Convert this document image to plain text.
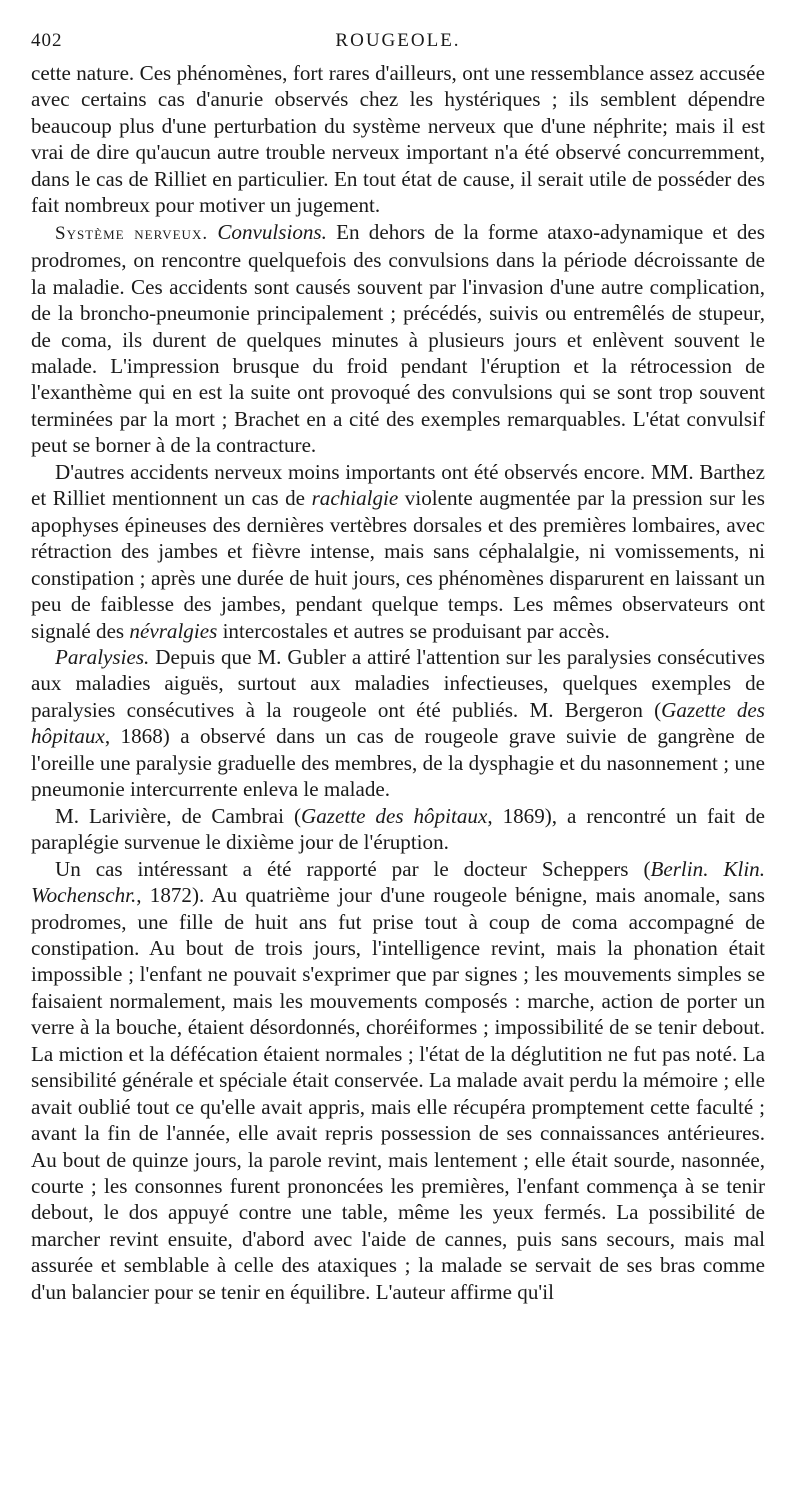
402	ROUGEOLE.

cette nature. Ces phénomènes, fort rares d'ailleurs, ont une ressemblance assez accusée avec certains cas d'anurie observés chez les hystériques ; ils semblent dépendre beaucoup plus d'une perturbation du système nerveux que d'une néphrite; mais il est vrai de dire qu'aucun autre trouble nerveux important n'a été observé concurremment, dans le cas de Rilliet en particulier. En tout état de cause, il serait utile de posséder des fait nombreux pour motiver un jugement.

Système nerveux. Convulsions. En dehors de la forme ataxo-adynamique et des prodromes, on rencontre quelquefois des convulsions dans la période décroissante de la maladie. Ces accidents sont causés souvent par l'invasion d'une autre complication, de la broncho-pneumonie principalement ; précédés, suivis ou entremêlés de stupeur, de coma, ils durent de quelques minutes à plusieurs jours et enlèvent souvent le malade. L'impression brusque du froid pendant l'éruption et la rétrocession de l'exanthème qui en est la suite ont provoqué des convulsions qui se sont trop souvent terminées par la mort ; Brachet en a cité des exemples remarquables. L'état convulsif peut se borner à de la contracture.

D'autres accidents nerveux moins importants ont été observés encore. MM. Barthez et Rilliet mentionnent un cas de rachialgie violente augmentée par la pression sur les apophyses épineuses des dernières vertèbres dorsales et des premières lombaires, avec rétraction des jambes et fièvre intense, mais sans céphalalgie, ni vomissements, ni constipation ; après une durée de huit jours, ces phénomènes disparurent en laissant un peu de faiblesse des jambes, pendant quelque temps. Les mêmes observateurs ont signalé des névralgies intercostales et autres se produisant par accès.

Paralysies. Depuis que M. Gubler a attiré l'attention sur les paralysies consécutives aux maladies aiguës, surtout aux maladies infectieuses, quelques exemples de paralysies consécutives à la rougeole ont été publiés. M. Bergeron (Gazette des hôpitaux, 1868) a observé dans un cas de rougeole grave suivie de gangrène de l'oreille une paralysie graduelle des membres, de la dysphagie et du nasonnement ; une pneumonie intercurrente enleva le malade.

M. Larivière, de Cambrai (Gazette des hôpitaux, 1869), a rencontré un fait de paraplégie survenue le dixième jour de l'éruption.

Un cas intéressant a été rapporté par le docteur Scheppers (Berlin. Klin. Wochenschr., 1872). Au quatrième jour d'une rougeole bénigne, mais anomale, sans prodromes, une fille de huit ans fut prise tout à coup de coma accompagné de constipation. Au bout de trois jours, l'intelligence revint, mais la phonation était impossible ; l'enfant ne pouvait s'exprimer que par signes ; les mouvements simples se faisaient normalement, mais les mouvements composés : marche, action de porter un verre à la bouche, étaient désordonnés, choréiformes ; impossibilité de se tenir debout. La miction et la défécation étaient normales ; l'état de la déglutition ne fut pas noté. La sensibilité générale et spéciale était conservée. La malade avait perdu la mémoire ; elle avait oublié tout ce qu'elle avait appris, mais elle récupéra promptement cette faculté ; avant la fin de l'année, elle avait repris possession de ses connaissances antérieures. Au bout de quinze jours, la parole revint, mais lentement ; elle était sourde, nasonnée, courte ; les consonnes furent prononcées les premières, l'enfant commença à se tenir debout, le dos appuyé contre une table, même les yeux fermés. La possibilité de marcher revint ensuite, d'abord avec l'aide de cannes, puis sans secours, mais mal assurée et semblable à celle des ataxiques ; la malade se servait de ses bras comme d'un balancier pour se tenir en équilibre. L'auteur affirme qu'il
